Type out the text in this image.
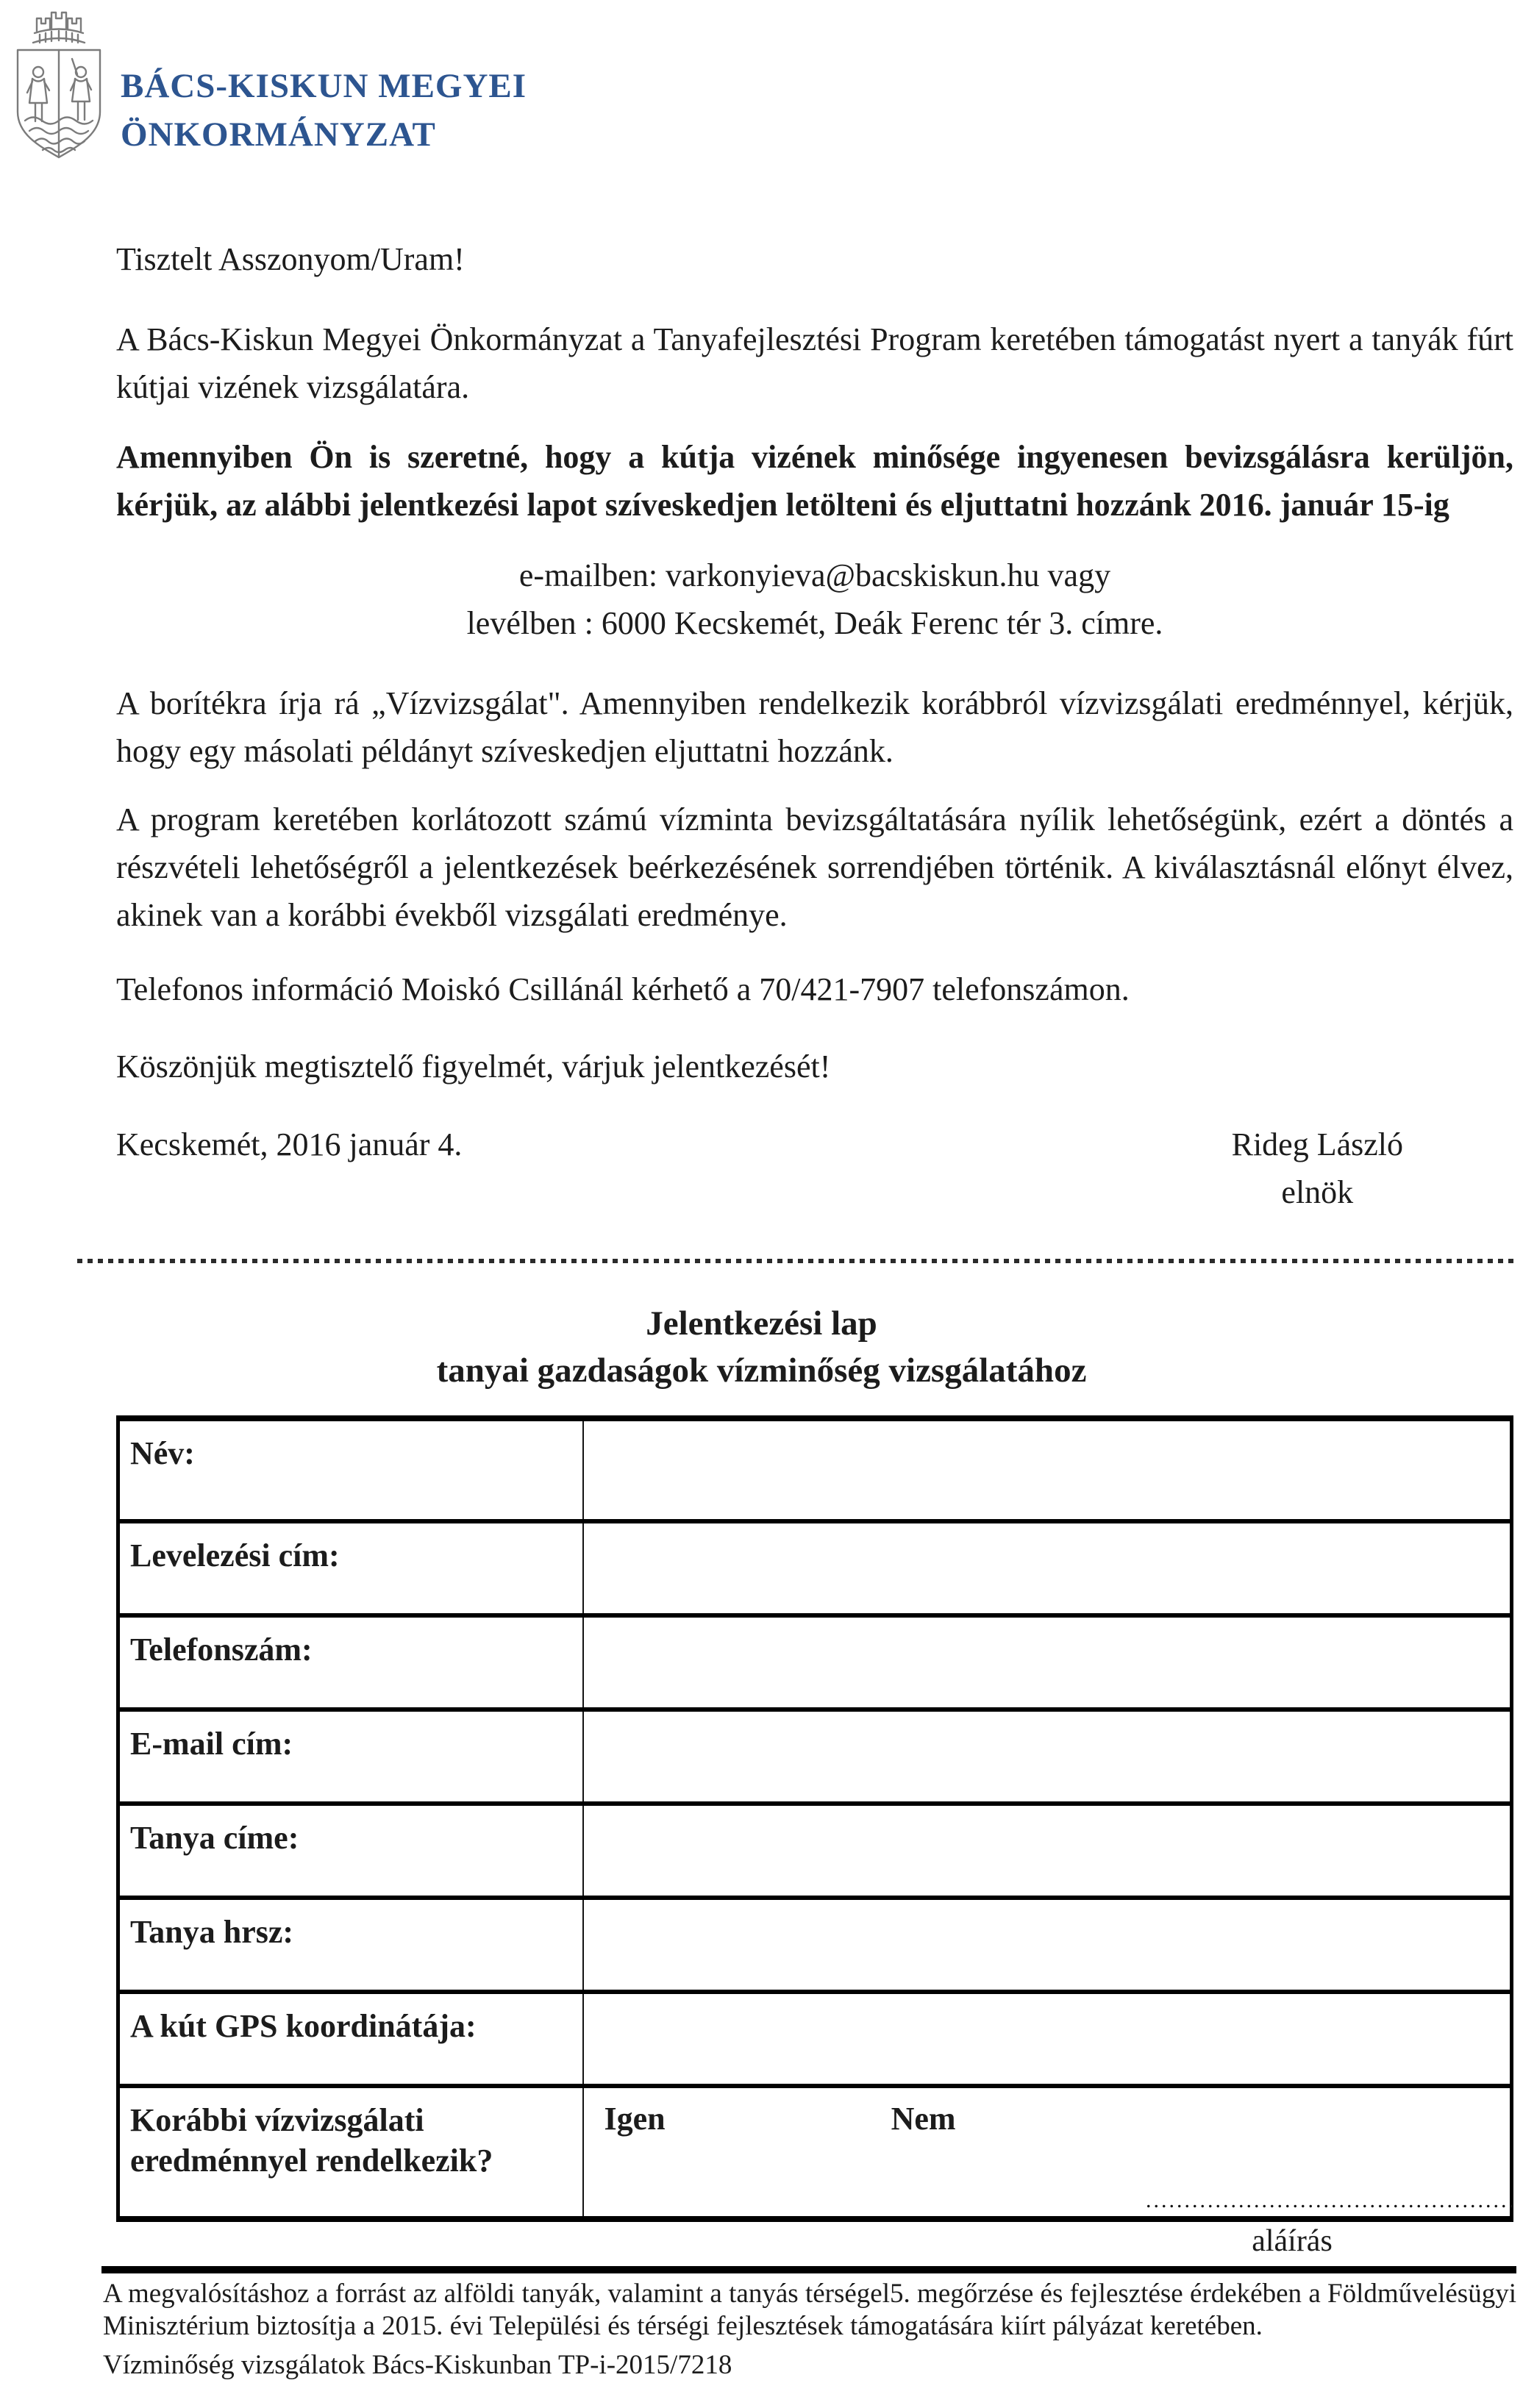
BÁCS-KISKUN MEGYEI
ÖNKORMÁNYZAT

Tisztelt Asszonyom/Uram!

A Bács-Kiskun Megyei Önkormányzat a Tanyafejlesztési Program keretében támogatást nyert a tanyák fúrt kútjai vizének vizsgálatára.

Amennyiben Ön is szeretné, hogy a kútja vizének minősége ingyenesen bevizsgálásra kerüljön, kérjük, az alábbi jelentkezési lapot szíveskedjen letölteni és eljuttatni hozzánk 2016. január 15-ig

e-mailben: varkonyieva@bacskiskun.hu vagy

levélben : 6000 Kecskemét, Deák Ferenc tér 3. címre.

A borítékra írja rá „Vízvizsgálat". Amennyiben rendelkezik korábbról vízvizsgálati eredménnyel, kérjük, hogy egy másolati példányt szíveskedjen eljuttatni hozzánk.

A program keretében korlátozott számú vízminta bevizsgáltatására nyílik lehetőségünk, ezért a döntés a részvételi lehetőségről a jelentkezések beérkezésének sorrendjében történik. A kiválasztásnál előnyt élvez, akinek van a korábbi évekből vizsgálati eredménye.

Telefonos információ Moiskó Csillánál kérhető a 70/421-7907 telefonszámon.

Köszönjük megtisztelő figyelmét, várjuk jelentkezését!

Kecskemét, 2016 január 4.	Rideg László
elnök
Jelentkezési lap
tanyai gazdaságok vízminőség vizsgálatához
Név:	
Levelezési cím:	
Telefonszám:	
E-mail cím:	
Tanya címe:	
Tanya hrsz:	
A kút GPS koordinátája:	
Korábbi vízvizsgálati eredménnyel rendelkezik?	Igen Nem
................................................
aláírás

A megvalósításhoz a forrást az alföldi tanyák, valamint a tanyás térségel5. megőrzése és fejlesztése érdekében a Földművelésügyi Minisztérium biztosítja a 2015. évi Települési és térségi fejlesztések támogatására kiírt pályázat keretében.

Vízminőség vizsgálatok Bács-Kiskunban TP-i-2015/7218
